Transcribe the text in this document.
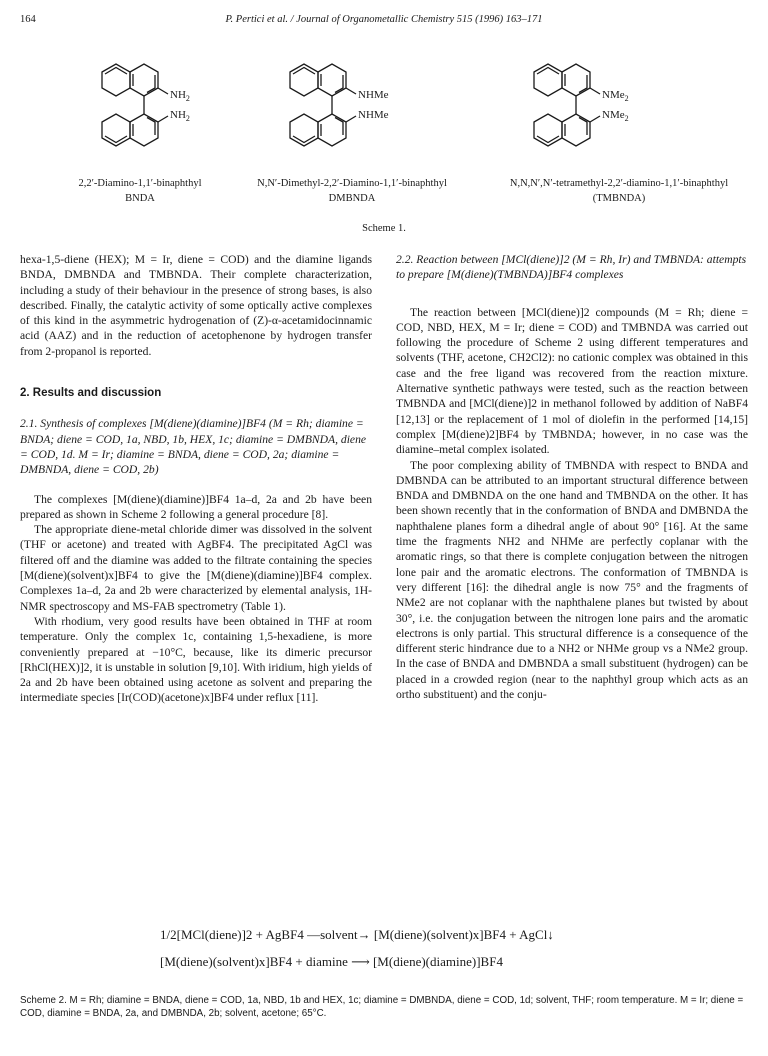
164	P. Pertici et al. / Journal of Organometallic Chemistry 515 (1996) 163–171
$NH_2$
$NH_2$
NHMe
NHMe
NMe$_2$
NMe$_2$
2,2′-Diamino-1,1′-binaphthyl
BNDA
N,N′-Dimethyl-2,2′-Diamino-1,1′-binaphthyl
DMBNDA
N,N,N′,N′-tetramethyl-2,2′-diamino-1,1′-binaphthyl
(TMBNDA)
Scheme 1.

hexa-1,5-diene (HEX); M = Ir, diene = COD) and the diamine ligands BNDA, DMBNDA and TMBNDA. Their complete characterization, including a study of their behaviour in the presence of strong bases, is also described. Finally, the catalytic activity of some optically active complexes of this kind in the asymmetric hydrogenation of (Z)-α-acetamidocinnamic acid (AAZ) and in the reduction of acetophenone by hydrogen transfer from 2-propanol is reported.

2. Results and discussion

2.1. Synthesis of complexes [M(diene)(diamine)]BF4 (M = Rh; diamine = BNDA; diene = COD, 1a, NBD, 1b, HEX, 1c; diamine = DMBNDA, diene = COD, 1d. M = Ir; diamine = BNDA, diene = COD, 2a; diamine = DMBNDA, diene = COD, 2b)

The complexes [M(diene)(diamine)]BF4 1a–d, 2a and 2b have been prepared as shown in Scheme 2 following a general procedure [8].

The appropriate diene-metal chloride dimer was dissolved in the solvent (THF or acetone) and treated with AgBF4. The precipitated AgCl was filtered off and the diamine was added to the filtrate containing the species [M(diene)(solvent)x]BF4 to give the [M(diene)(diamine)]BF4 complex. Complexes 1a–d, 2a and 2b were characterized by elemental analysis, 1H-NMR spectroscopy and MS-FAB spectrometry (Table 1).

With rhodium, very good results have been obtained in THF at room temperature. Only the complex 1c, containing 1,5-hexadiene, is more conveniently prepared at −10°C, because, like its dimeric precursor [RhCl(HEX)]2, it is unstable in solution [9,10]. With iridium, high yields of 2a and 2b have been obtained using acetone as solvent and preparing the intermediate species [Ir(COD)(acetone)x]BF4 under reflux [11].

2.2. Reaction between [MCl(diene)]2 (M = Rh, Ir) and TMBNDA: attempts to prepare [M(diene)(TMBNDA)]BF4 complexes

The reaction between [MCl(diene)]2 compounds (M = Rh; diene = COD, NBD, HEX, M = Ir; diene = COD) and TMBNDA was carried out following the procedure of Scheme 2 using different temperatures and solvents (THF, acetone, CH2Cl2): no cationic complex was obtained in this case and the free ligand was recovered from the reaction mixture. Alternative synthetic pathways were tested, such as the reaction between TMBNDA and [MCl(diene)]2 in methanol followed by addition of NaBF4 [12,13] or the replacement of 1 mol of diolefin in the performed [14,15] complex [M(diene)2]BF4 by TMBNDA; however, in no case was the diamine–metal complex isolated.

The poor complexing ability of TMBNDA with respect to BNDA and DMBNDA can be attributed to an important structural difference between BNDA and DMBNDA on the one hand and TMBNDA on the other. It has been shown recently that in the conformation of BNDA and DMBNDA the naphthalene planes form a dihedral angle of about 90° [16]. At the same time the fragments NH2 and NHMe are perfectly coplanar with the aromatic rings, so that there is complete conjugation between the nitrogen lone pair and the aromatic electrons. The conformation of TMBNDA is very different [16]: the dihedral angle is now 75° and the fragments of NMe2 are not coplanar with the naphthalene planes but twisted by about 30°, i.e. the conjugation between the nitrogen lone pairs and the aromatic electrons is only partial. This structural difference is a consequence of the different steric hindrance due to a NH2 or NHMe group vs a NMe2 group. In the case of BNDA and DMBNDA a small substituent (hydrogen) can be placed in a crowded region (near to the naphthyl group which acts as an ortho substituent) and the conju-

1/2[MCl(diene)]2 + AgBF4 —solvent→ [M(diene)(solvent)x]BF4 + AgCl↓
[M(diene)(solvent)x]BF4 + diamine ⟶ [M(diene)(diamine)]BF4
Scheme 2. M = Rh; diamine = BNDA, diene = COD, 1a, NBD, 1b and HEX, 1c; diamine = DMBNDA, diene = COD, 1d; solvent, THF; room temperature. M = Ir; diene = COD, diamine = BNDA, 2a, and DMBNDA, 2b; solvent, acetone; 65°C.
